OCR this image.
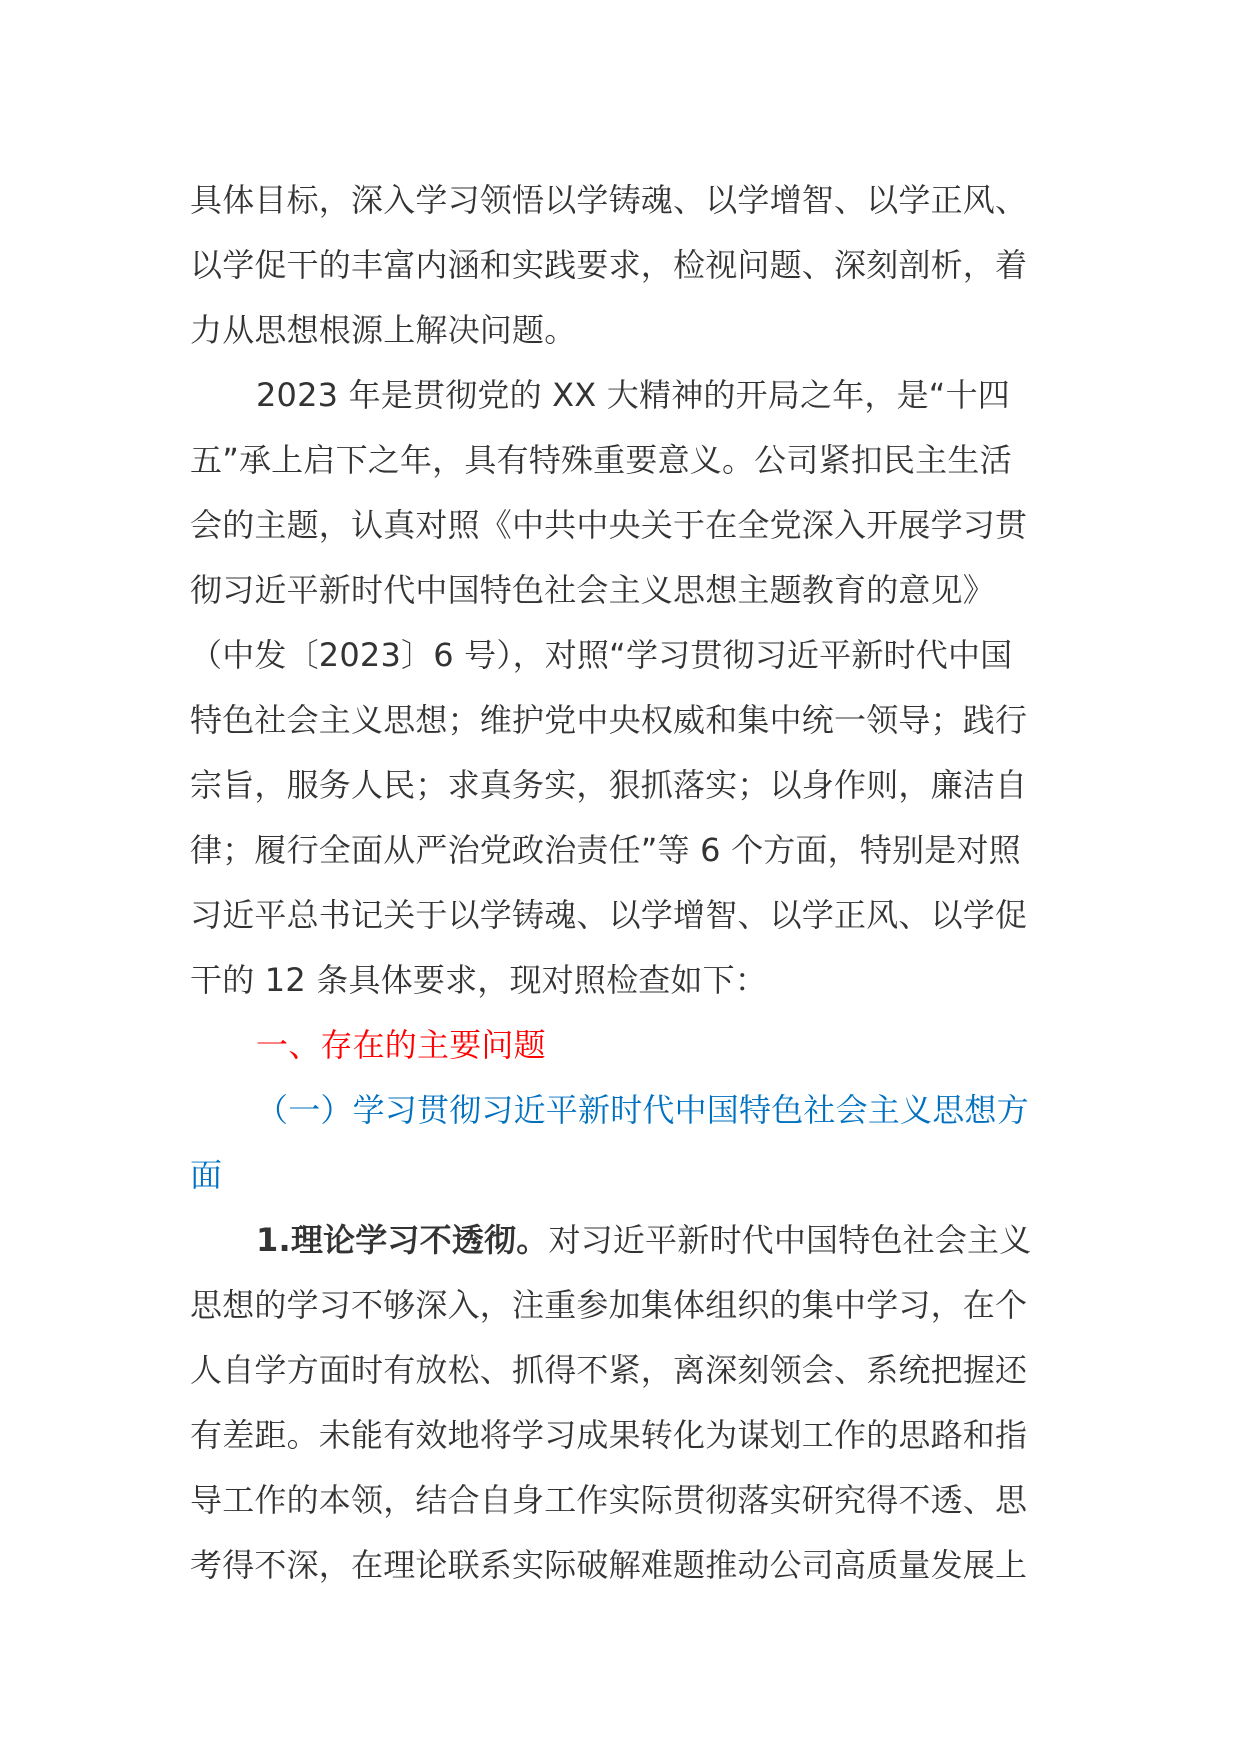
具体目标，深入学习领悟以学铸魂、以学增智、以学正风、
以学促干的丰富内涵和实践要求，检视问题、深刻剖析，着
力从思想根源上解决问题。
2023 年是贯彻党的 XX 大精神的开局之年，是“十四
五”承上启下之年，具有特殊重要意义。公司紧扣民主生活
会的主题，认真对照《中共中央关于在全党深入开展学习贯
彻习近平新时代中国特色社会主义思想主题教育的意见》
（中发〔2023〕6 号），对照“学习贯彻习近平新时代中国
特色社会主义思想；维护党中央权威和集中统一领导；践行
宗旨，服务人民；求真务实，狠抓落实；以身作则，廉洁自
律；履行全面从严治党政治责任”等 6 个方面，特别是对照
习近平总书记关于以学铸魂、以学增智、以学正风、以学促
干的 12 条具体要求，现对照检查如下：
一、存在的主要问题
（一）学习贯彻习近平新时代中国特色社会主义思想方
面
1.理论学习不透彻。对习近平新时代中国特色社会主义
思想的学习不够深入，注重参加集体组织的集中学习，在个
人自学方面时有放松、抓得不紧，离深刻领会、系统把握还
有差距。未能有效地将学习成果转化为谋划工作的思路和指
导工作的本领，结合自身工作实际贯彻落实研究得不透、思
考得不深，在理论联系实际破解难题推动公司高质量发展上
